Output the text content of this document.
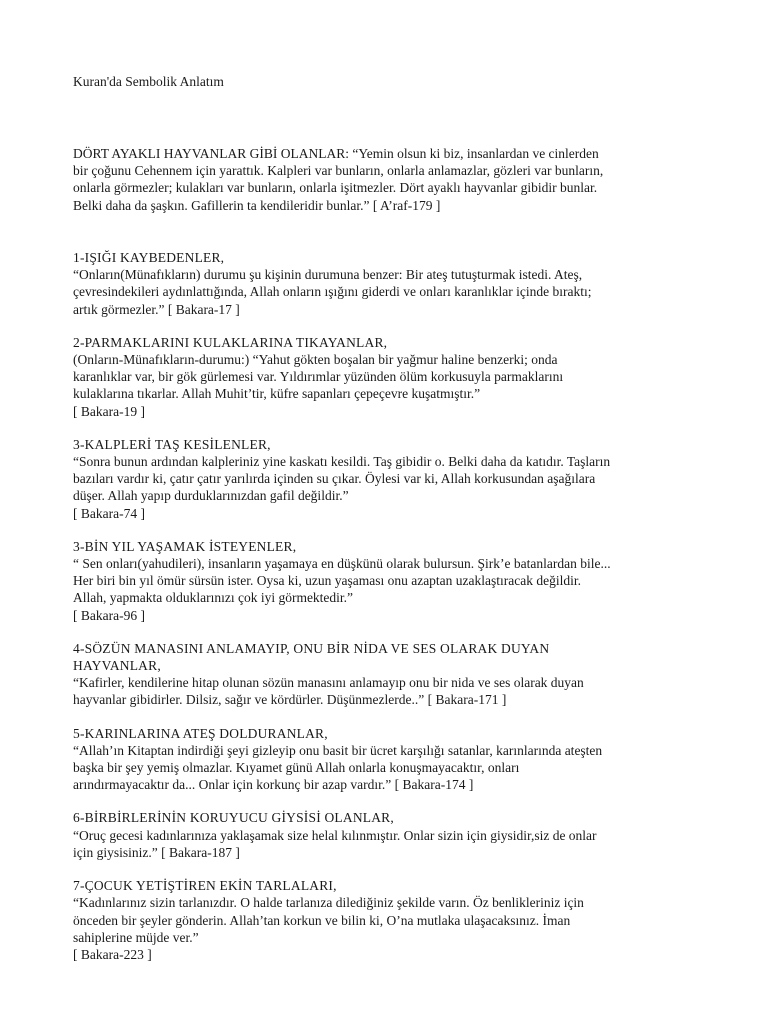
Kuran'da Sembolik Anlatım
DÖRT AYAKLI HAYVANLAR GİBİ OLANLAR: “Yemin olsun ki biz, insanlardan ve cinlerden
bir çoğunu Cehennem için yarattık. Kalpleri var bunların, onlarla anlamazlar, gözleri var bunların,
onlarla görmezler; kulakları var bunların, onlarla işitmezler. Dört ayaklı hayvanlar gibidir bunlar.
Belki daha da şaşkın. Gafillerin ta kendileridir bunlar.” [ A’raf-179 ]
1-IŞIĞI KAYBEDENLER,
“Onların(Münafıkların) durumu şu kişinin durumuna benzer: Bir ateş tutuşturmak istedi. Ateş,
çevresindekileri aydınlattığında, Allah onların ışığını giderdi ve onları karanlıklar içinde bıraktı;
artık görmezler.” [ Bakara-17 ]
2-PARMAKLARINI KULAKLARINA TIKAYANLAR,
(Onların-Münafıkların-durumu:) “Yahut gökten boşalan bir yağmur haline benzerki; onda
karanlıklar var, bir gök gürlemesi var. Yıldırımlar yüzünden ölüm korkusuyla parmaklarını
kulaklarına tıkarlar. Allah Muhit’tir, küfre sapanları çepeçevre kuşatmıştır.”
[ Bakara-19 ]
3-KALPLERİ TAŞ KESİLENLER,
“Sonra bunun ardından kalpleriniz yine kaskatı kesildi. Taş gibidir o. Belki daha da katıdır. Taşların
bazıları vardır ki, çatır çatır yarılırda içinden su çıkar. Öylesi var ki, Allah korkusundan aşağılara
düşer. Allah yapıp durduklarınızdan gafil değildir.”
[ Bakara-74 ]
3-BİN YIL YAŞAMAK İSTEYENLER,
“ Sen onları(yahudileri), insanların yaşamaya en düşkünü olarak bulursun. Şirk’e batanlardan bile...
Her biri bin yıl ömür sürsün ister. Oysa ki, uzun yaşaması onu azaptan uzaklaştıracak değildir.
Allah, yapmakta olduklarınızı çok iyi görmektedir.”
[ Bakara-96 ]
4-SÖZÜN MANASINI ANLAMAYIP, ONU BİR NİDA VE SES OLARAK DUYAN
HAYVANLAR,
“Kafirler, kendilerine hitap olunan sözün manasını anlamayıp onu bir nida ve ses olarak duyan
hayvanlar gibidirler. Dilsiz, sağır ve kördürler. Düşünmezlerde..” [ Bakara-171 ]
5-KARINLARINA ATEŞ DOLDURANLAR,
“Allah’ın Kitaptan indirdiği şeyi gizleyip onu basit bir ücret karşılığı satanlar, karınlarında ateşten
başka bir şey yemiş olmazlar. Kıyamet günü Allah onlarla konuşmayacaktır, onları
arındırmayacaktır da... Onlar için korkunç bir azap vardır.” [ Bakara-174 ]
6-BİRBİRLERİNİN KORUYUCU GİYSİSİ OLANLAR,
“Oruç gecesi kadınlarınıza yaklaşamak size helal kılınmıştır. Onlar sizin için giysidir,siz de onlar
için giysisiniz.” [ Bakara-187 ]
7-ÇOCUK YETİŞTİREN EKİN TARLALARI,
“Kadınlarınız sizin tarlanızdır. O halde tarlanıza dilediğiniz şekilde varın. Öz benlikleriniz için
önceden bir şeyler gönderin. Allah’tan korkun ve bilin ki, O’na mutlaka ulaşacaksınız. İman
sahiplerine müjde ver.”
[ Bakara-223 ]
